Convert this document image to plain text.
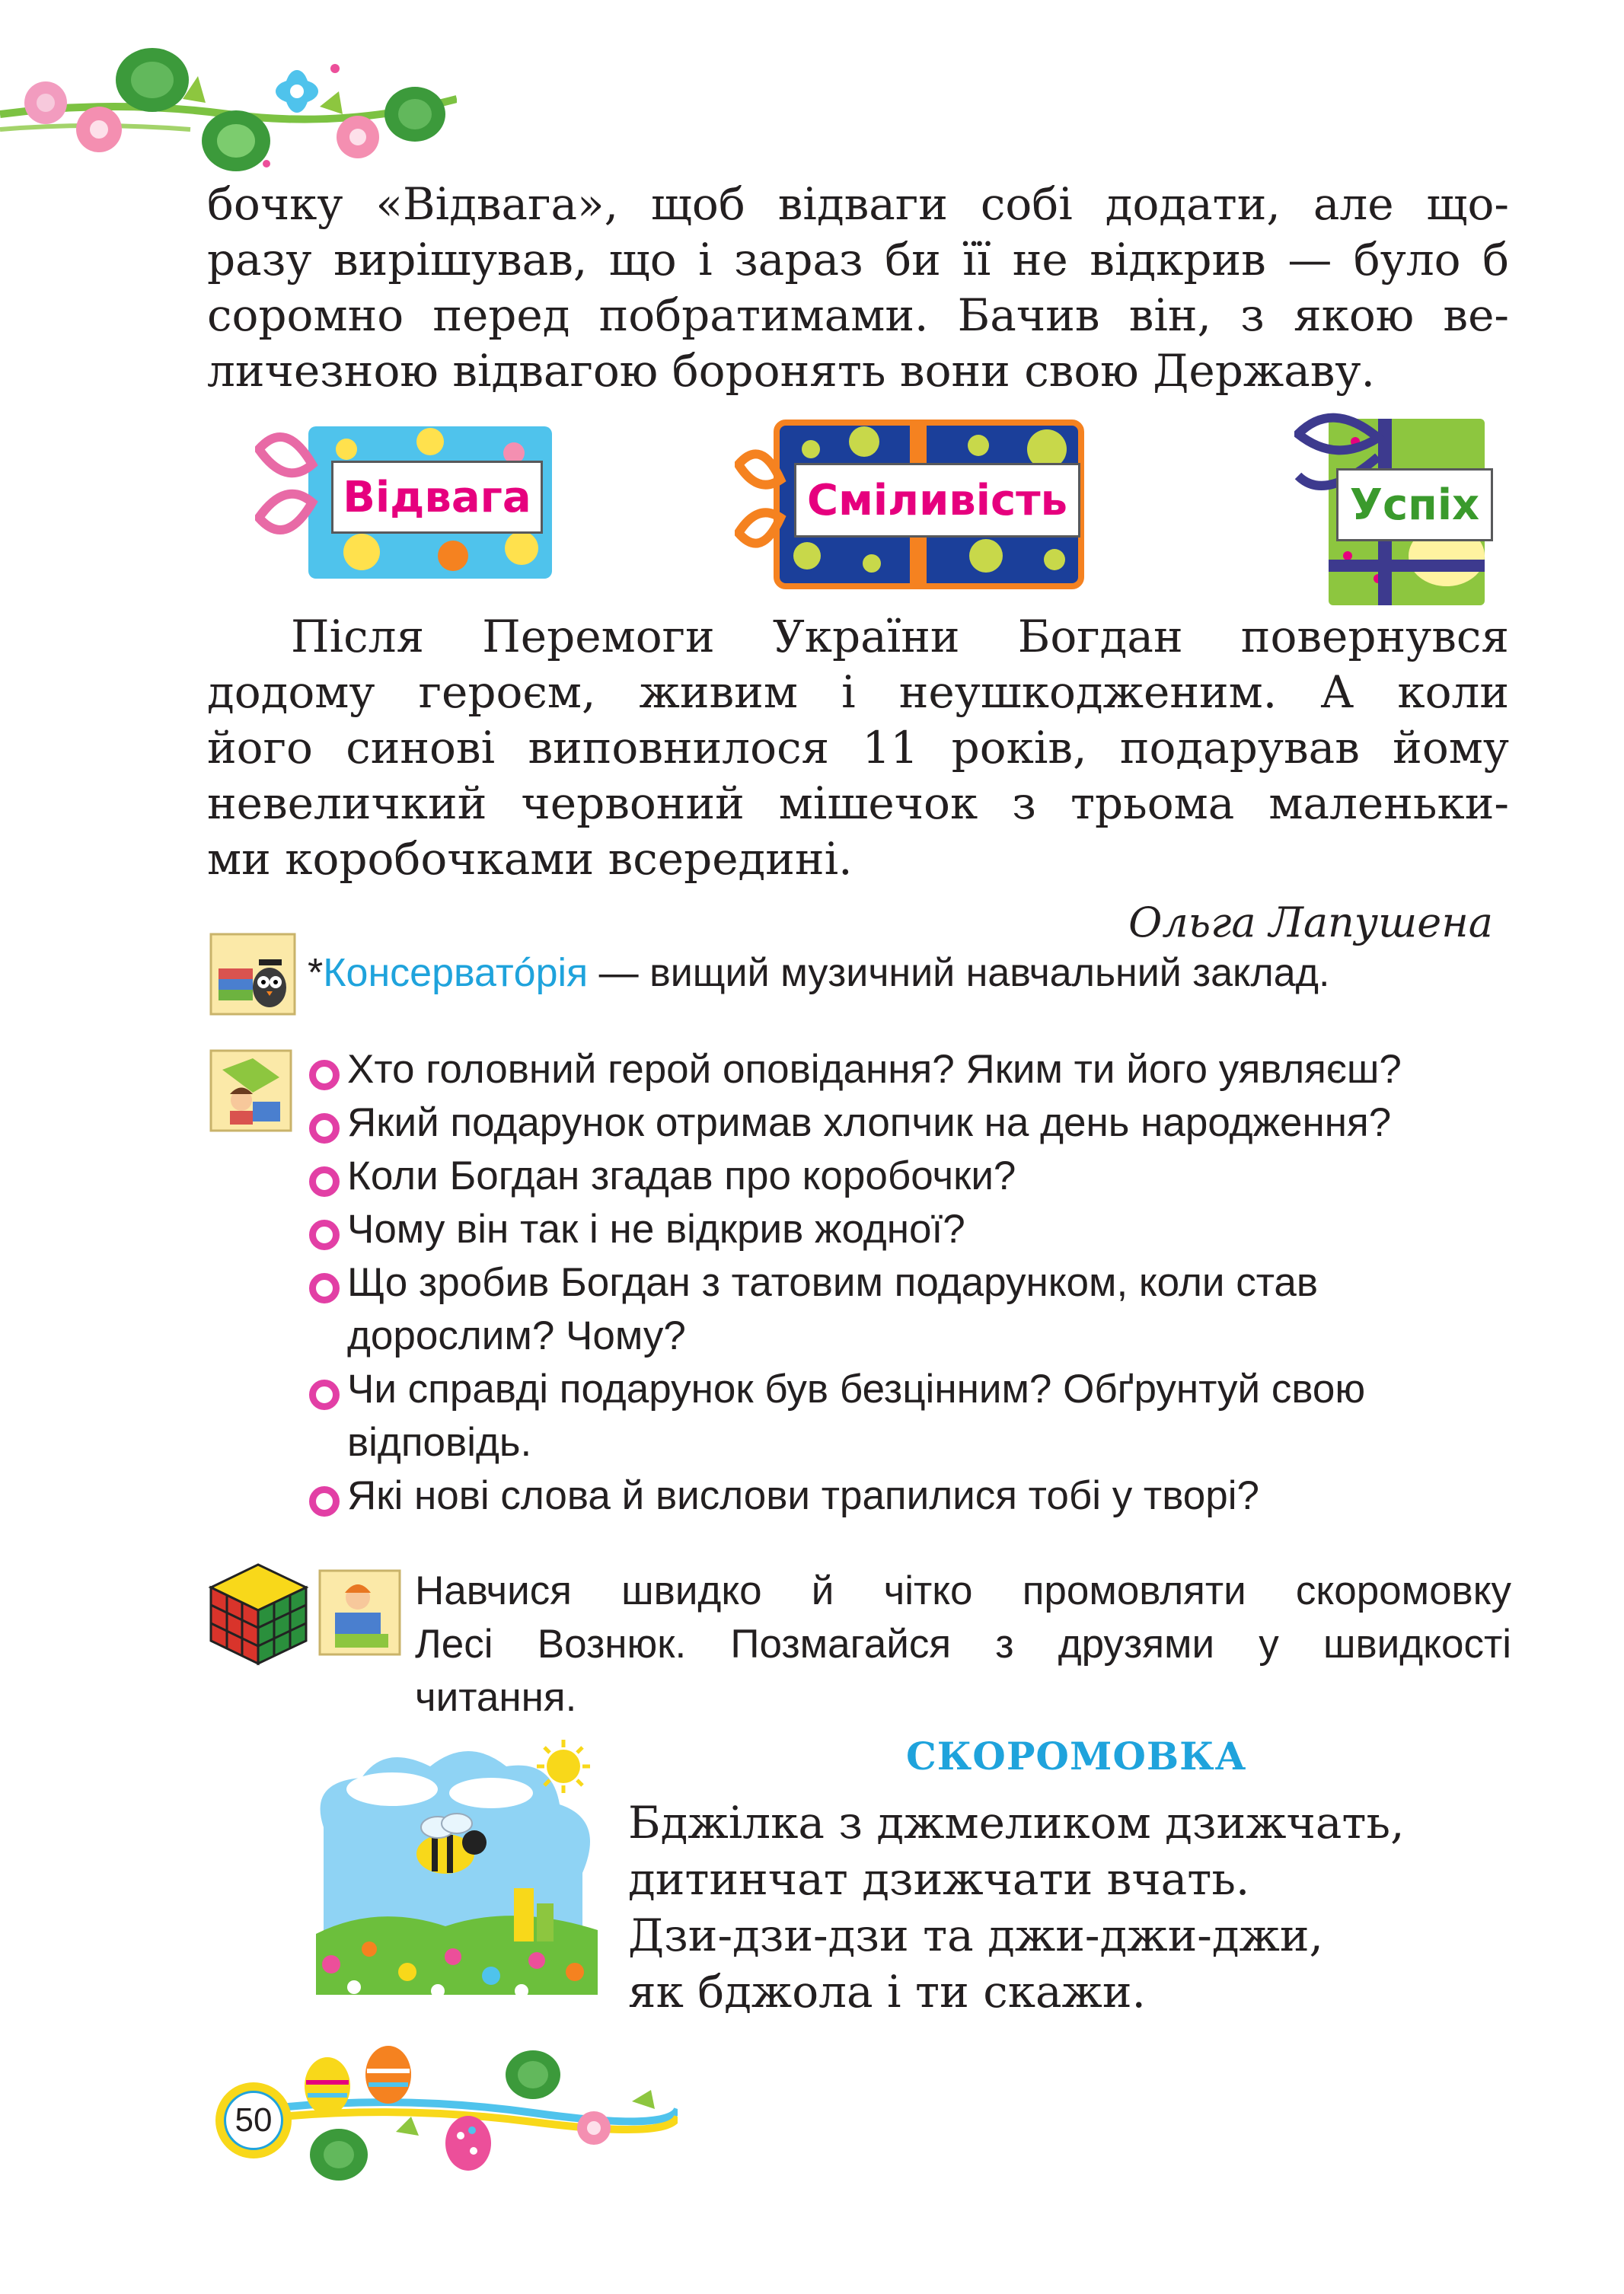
бочку «Відвага», щоб відваги собі додати, але що-
разу вирішував, що і зараз би її не відкрив — було б
соромно перед побратимами. Бачив він, з якою ве-
личезною відвагою боронять вони свою Державу.
Відвага	Сміливість	Успіх
Після Перемоги України Богдан повернувся
додому героєм, живим і неушкодженим. А коли
його синові виповнилося 11 років, подарував йому
невеличкий червоний мішечок з трьома маленьки-
ми коробочками всередині.
Ольга Лапушена
*Консерватóрія — вищий музичний навчальний заклад.
Хто головний герой оповідання? Яким ти його уявляєш?
Який подарунок отримав хлопчик на день народження?
Коли Богдан згадав про коробочки?
Чому він так і не відкрив жодної?
Що зробив Богдан з татовим подарунком, коли став дорослим? Чому?
Чи справді подарунок був безцінним? Обґрунтуй свою відповідь.
Які нові слова й вислови трапилися тобі у творі?
Навчися швидко й чітко промовляти скоромовку
Лесі Вознюк. Позмагайся з друзями у швидкості
читання.
СКОРОМОВКА
Бджілка з джмеликом дзижчать,
дитинчат дзижчати вчать.
Дзи-дзи-дзи та джи-джи-джи,
як бджола і ти скажи.
50
